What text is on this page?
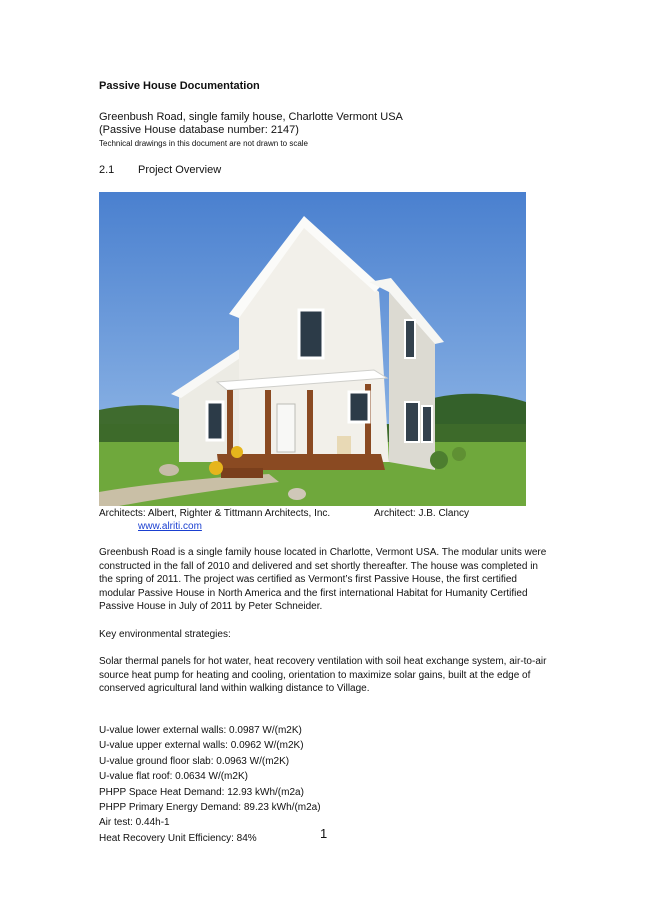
Passive House Documentation
Greenbush Road, single family house, Charlotte Vermont USA
(Passive House database number: 2147)
Technical drawings in this document are not drawn to scale
2.1 Project Overview
Architects: Albert, Righter & Tittmann Architects, Inc.	Architect: J.B. Clancy
www.alriti.com
Greenbush Road is a single family house located in Charlotte, Vermont USA. The modular units were constructed in the fall of 2010 and delivered and set shortly thereafter. The house was completed in the spring of 2011. The project was certified as Vermont’s first Passive House, the first certified modular Passive House in North America and the first international Habitat for Humanity Certified Passive House in July of 2011 by Peter Schneider.
Key environmental strategies:
Solar thermal panels for hot water, heat recovery ventilation with soil heat exchange system, air-to-air source heat pump for heating and cooling, orientation to maximize solar gains, built at the edge of conserved agricultural land within walking distance to Village.
U-value lower external walls: 0.0987 W/(m2K)
U-value upper external walls: 0.0962 W/(m2K)
U-value ground floor slab: 0.0963 W/(m2K)
U-value flat roof: 0.0634 W/(m2K)
PHPP Space Heat Demand: 12.93 kWh/(m2a)
PHPP Primary Energy Demand: 89.23 kWh/(m2a)
Air test: 0.44h-1
Heat Recovery Unit Efficiency: 84%	1
